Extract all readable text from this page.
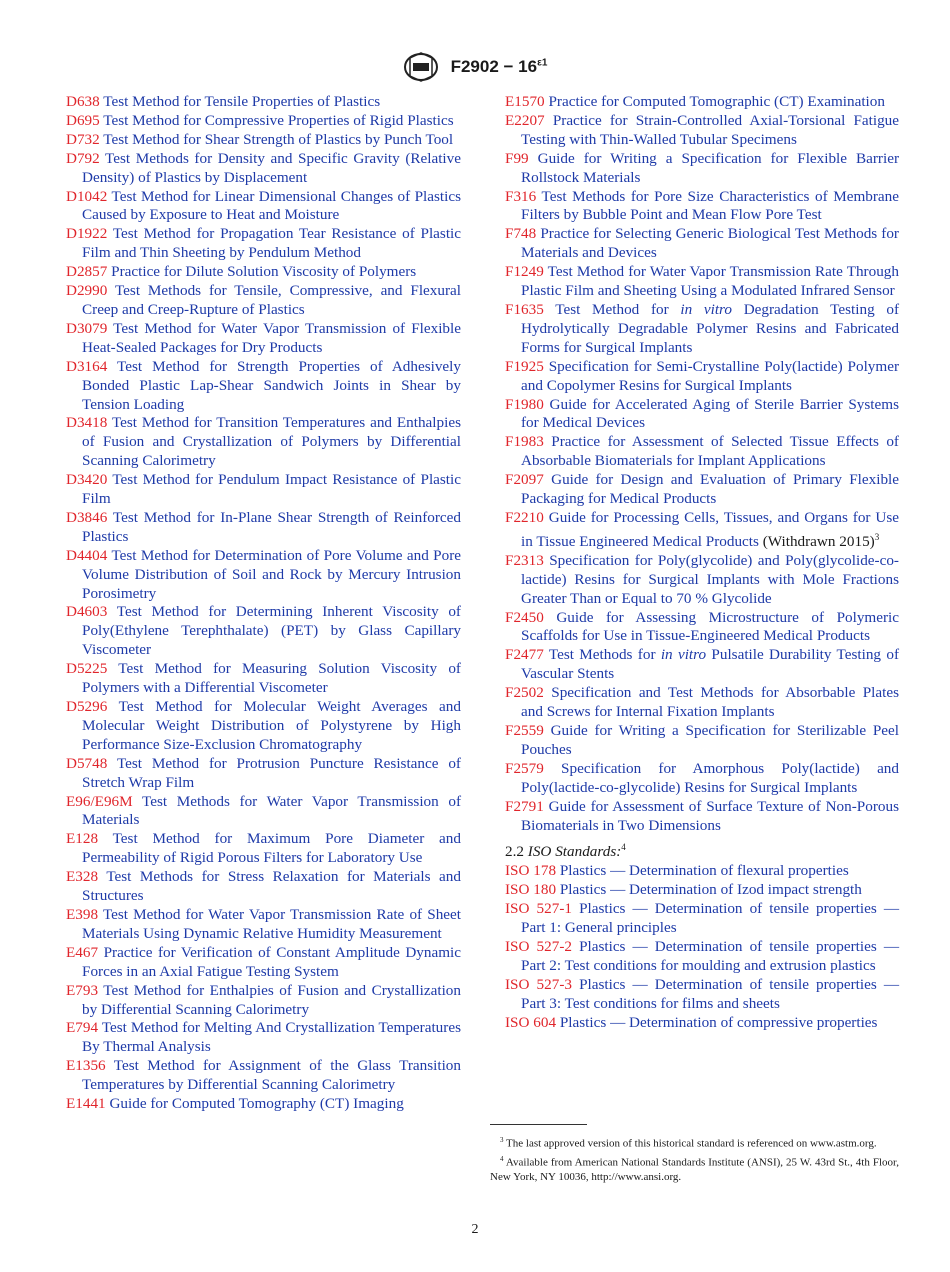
$F2902 - 16^{\varepsilon 1}$

D638 Test Method for Tensile Properties of Plastics

D695 Test Method for Compressive Properties of Rigid Plastics

D732 Test Method for Shear Strength of Plastics by Punch Tool

D792 Test Methods for Density and Specific Gravity (Relative Density) of Plastics by Displacement

D1042 Test Method for Linear Dimensional Changes of Plastics Caused by Exposure to Heat and Moisture

D1922 Test Method for Propagation Tear Resistance of Plastic Film and Thin Sheeting by Pendulum Method

D2857 Practice for Dilute Solution Viscosity of Polymers

D2990 Test Methods for Tensile, Compressive, and Flexural Creep and Creep-Rupture of Plastics

D3079 Test Method for Water Vapor Transmission of Flexible Heat-Sealed Packages for Dry Products

D3164 Test Method for Strength Properties of Adhesively Bonded Plastic Lap-Shear Sandwich Joints in Shear by Tension Loading

D3418 Test Method for Transition Temperatures and Enthalpies of Fusion and Crystallization of Polymers by Differential Scanning Calorimetry

D3420 Test Method for Pendulum Impact Resistance of Plastic Film

D3846 Test Method for In-Plane Shear Strength of Reinforced Plastics

D4404 Test Method for Determination of Pore Volume and Pore Volume Distribution of Soil and Rock by Mercury Intrusion Porosimetry

D4603 Test Method for Determining Inherent Viscosity of Poly(Ethylene Terephthalate) (PET) by Glass Capillary Viscometer

D5225 Test Method for Measuring Solution Viscosity of Polymers with a Differential Viscometer

D5296 Test Method for Molecular Weight Averages and Molecular Weight Distribution of Polystyrene by High Performance Size-Exclusion Chromatography

D5748 Test Method for Protrusion Puncture Resistance of Stretch Wrap Film

E96/E96M Test Methods for Water Vapor Transmission of Materials

E128 Test Method for Maximum Pore Diameter and Permeability of Rigid Porous Filters for Laboratory Use

E328 Test Methods for Stress Relaxation for Materials and Structures

E398 Test Method for Water Vapor Transmission Rate of Sheet Materials Using Dynamic Relative Humidity Measurement

E467 Practice for Verification of Constant Amplitude Dynamic Forces in an Axial Fatigue Testing System

E793 Test Method for Enthalpies of Fusion and Crystallization by Differential Scanning Calorimetry

E794 Test Method for Melting And Crystallization Temperatures By Thermal Analysis

E1356 Test Method for Assignment of the Glass Transition Temperatures by Differential Scanning Calorimetry

E1441 Guide for Computed Tomography (CT) Imaging

E1570 Practice for Computed Tomographic (CT) Examination

E2207 Practice for Strain-Controlled Axial-Torsional Fatigue Testing with Thin-Walled Tubular Specimens

F99 Guide for Writing a Specification for Flexible Barrier Rollstock Materials

F316 Test Methods for Pore Size Characteristics of Membrane Filters by Bubble Point and Mean Flow Pore Test

F748 Practice for Selecting Generic Biological Test Methods for Materials and Devices

F1249 Test Method for Water Vapor Transmission Rate Through Plastic Film and Sheeting Using a Modulated Infrared Sensor

F1635 Test Method for in vitro Degradation Testing of Hydrolytically Degradable Polymer Resins and Fabricated Forms for Surgical Implants

F1925 Specification for Semi-Crystalline Poly(lactide) Polymer and Copolymer Resins for Surgical Implants

F1980 Guide for Accelerated Aging of Sterile Barrier Systems for Medical Devices

F1983 Practice for Assessment of Selected Tissue Effects of Absorbable Biomaterials for Implant Applications

F2097 Guide for Design and Evaluation of Primary Flexible Packaging for Medical Products

F2210 Guide for Processing Cells, Tissues, and Organs for Use in Tissue Engineered Medical Products (Withdrawn 2015)$^3$

F2313 Specification for Poly(glycolide) and Poly(glycolide-co-lactide) Resins for Surgical Implants with Mole Fractions Greater Than or Equal to 70 % Glycolide

F2450 Guide for Assessing Microstructure of Polymeric Scaffolds for Use in Tissue-Engineered Medical Products

F2477 Test Methods for in vitro Pulsatile Durability Testing of Vascular Stents

F2502 Specification and Test Methods for Absorbable Plates and Screws for Internal Fixation Implants

F2559 Guide for Writing a Specification for Sterilizable Peel Pouches

F2579 Specification for Amorphous Poly(lactide) and Poly(lactide-co-glycolide) Resins for Surgical Implants

F2791 Guide for Assessment of Surface Texture of Non-Porous Biomaterials in Two Dimensions

2.2 ISO Standards:$^4$

ISO 178 Plastics — Determination of flexural properties

ISO 180 Plastics — Determination of Izod impact strength

ISO 527-1 Plastics — Determination of tensile properties — Part 1: General principles

ISO 527-2 Plastics — Determination of tensile properties — Part 2: Test conditions for moulding and extrusion plastics

ISO 527-3 Plastics — Determination of tensile properties — Part 3: Test conditions for films and sheets

ISO 604 Plastics — Determination of compressive properties

$^3$ The last approved version of this historical standard is referenced on www.astm.org.

$^4$ Available from American National Standards Institute (ANSI), 25 W. 43rd St., 4th Floor, New York, NY 10036, http://www.ansi.org.

2
